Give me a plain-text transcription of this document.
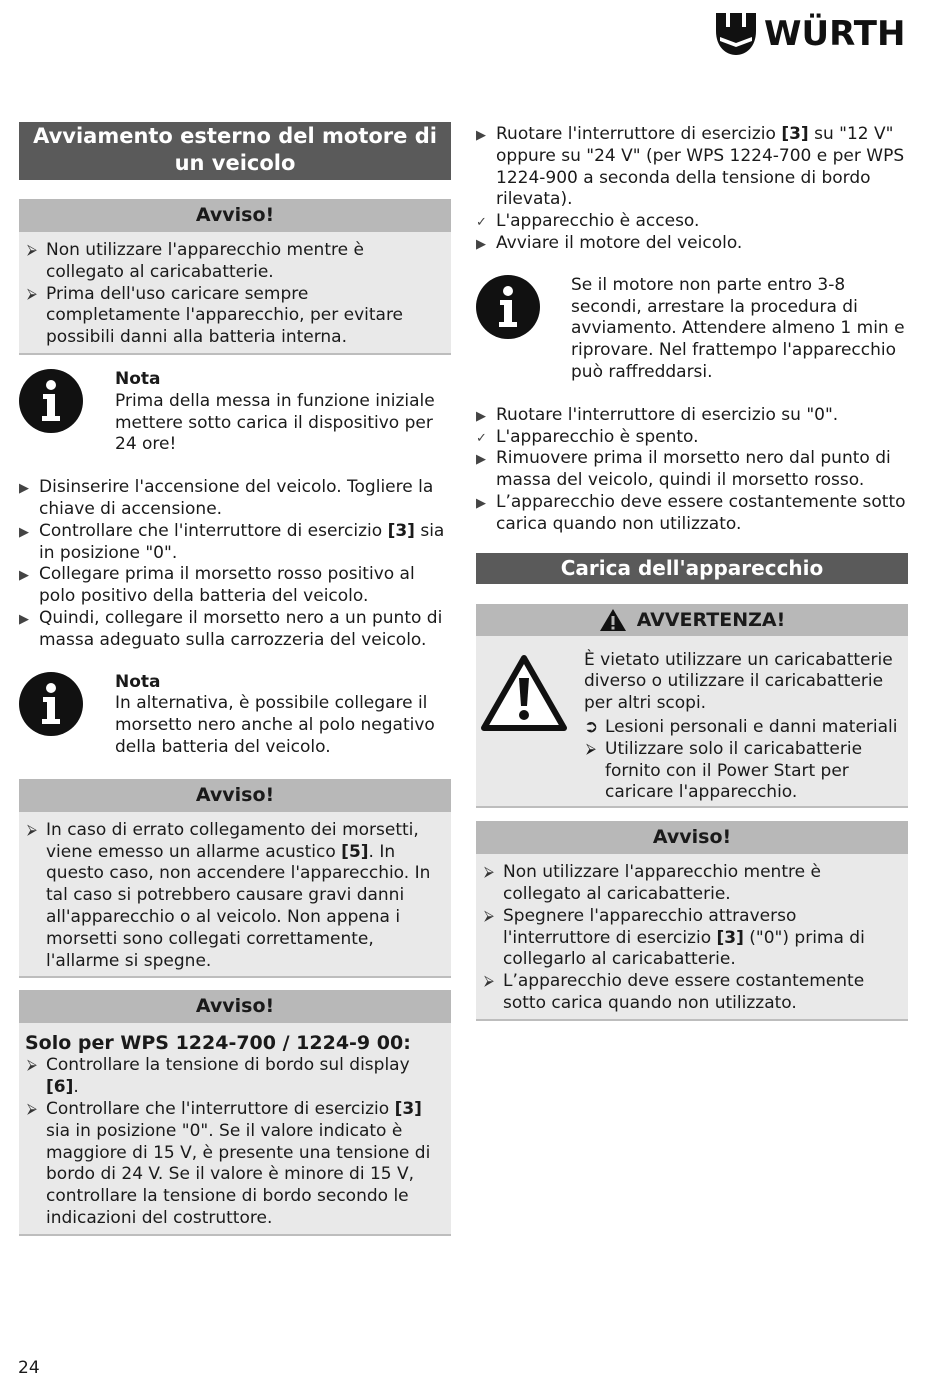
WÜRTH
Avviamento esterno del motore di un veicolo
Avviso!
⮚ Non utilizzare l'apparecchio mentre è collegato al caricabatterie.
⮚ Prima dell'uso caricare sempre completamente l'apparecchio, per evitare possibili danni alla batteria interna.
Nota
Prima della messa in funzione iniziale mettere sotto carica il dispositivo per 24 ore!
▶ Disinserire l'accensione del veicolo. Togliere la chiave di accensione.
▶ Controllare che l'interruttore di esercizio [3] sia in posizione "0".
▶ Collegare prima il morsetto rosso positivo al polo positivo della batteria del veicolo.
▶ Quindi, collegare il morsetto nero a un punto di massa adeguato sulla carrozzeria del veicolo.
Nota
In alternativa, è possibile collegare il morsetto nero anche al polo negativo della batteria del veicolo.
Avviso!
⮚ In caso di errato collegamento dei morsetti, viene emesso un allarme acustico [5]. In questo caso, non accendere l'apparecchio. In tal caso si potrebbero causare gravi danni all'apparecchio o al veicolo. Non appena i morsetti sono collegati correttamente, l'allarme si spegne.
Avviso!
Solo per WPS 1224-700 / 1224-9 00:
⮚ Controllare la tensione di bordo sul display [6].
⮚ Controllare che l'interruttore di esercizio [3] sia in posizione "0". Se il valore indicato è maggiore di 15 V, è presente una tensione di bordo di 24 V. Se il valore è minore di 15 V, controllare la tensione di bordo secondo le indicazioni del costruttore.
▶ Ruotare l'interruttore di esercizio [3] su "12 V" oppure su "24 V" (per WPS 1224-700 e per WPS 1224-900 a seconda della tensione di bordo rilevata).
✓ L'apparecchio è acceso.
▶ Avviare il motore del veicolo.
Se il motore non parte entro 3-8 secondi, arrestare la procedura di avviamento. Attendere almeno 1 min e riprovare. Nel frattempo l'apparecchio può raffreddarsi.
▶ Ruotare l'interruttore di esercizio su "0".
✓ L'apparecchio è spento.
▶ Rimuovere prima il morsetto nero dal punto di massa del veicolo, quindi il morsetto rosso.
▶ L’apparecchio deve essere costantemente sotto carica quando non utilizzato.
Carica dell'apparecchio
AVVERTENZA!
È vietato utilizzare un caricabatterie diverso o utilizzare il caricabatterie per altri scopi.
➲ Lesioni personali e danni materiali
⮚ Utilizzare solo il caricabatterie fornito con il Power Start per caricare l'apparecchio.
Avviso!
⮚ Non utilizzare l'apparecchio mentre è collegato al caricabatterie.
⮚ Spegnere l'apparecchio attraverso l'interruttore di esercizio [3] ("0") prima di collegarlo al caricabatterie.
⮚ L’apparecchio deve essere costantemente sotto carica quando non utilizzato.
24
